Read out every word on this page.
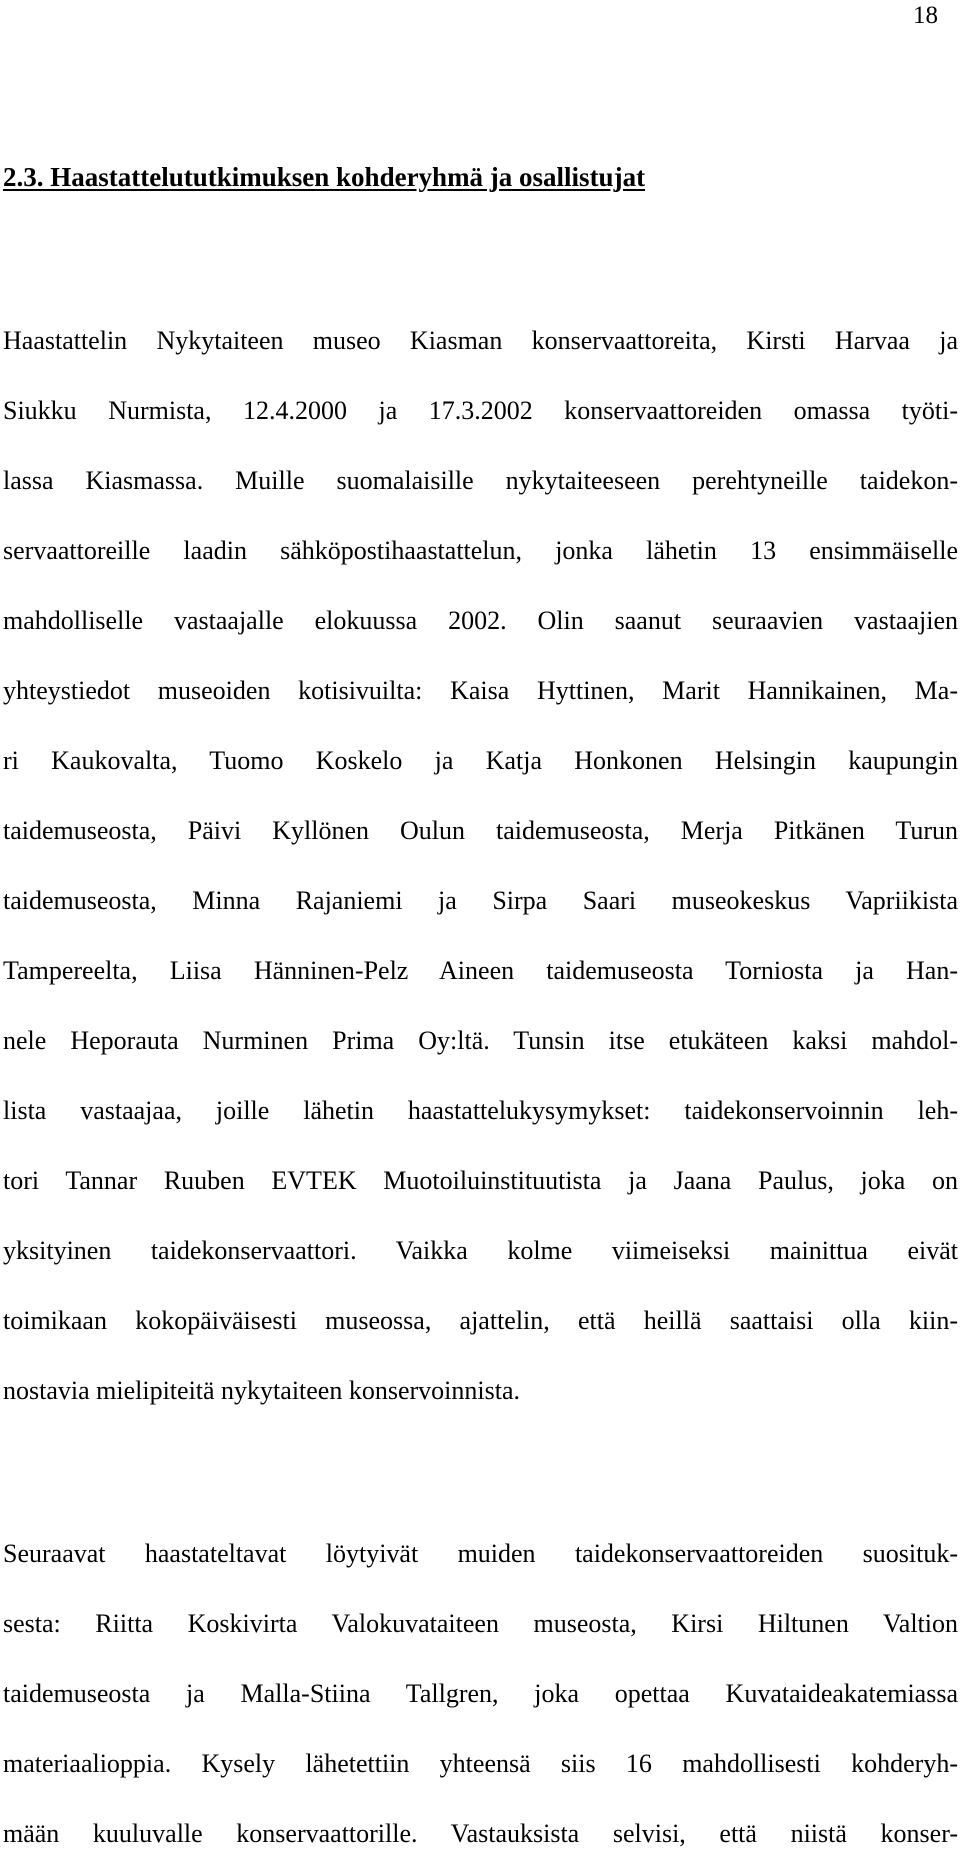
18
2.3. Haastattelututkimuksen kohderyhmä ja osallistujat
Haastattelin Nykytaiteen museo Kiasman konservaattoreita, Kirsti Harvaa ja
Siukku Nurmista, 12.4.2000 ja 17.3.2002 konservaattoreiden omassa työti-
lassa Kiasmassa. Muille suomalaisille nykytaiteeseen perehtyneille taidekon-
servaattoreille laadin sähköpostihaastattelun, jonka lähetin 13 ensimmäiselle
mahdolliselle vastaajalle elokuussa 2002. Olin saanut seuraavien vastaajien
yhteystiedot museoiden kotisivuilta: Kaisa Hyttinen, Marit Hannikainen, Ma-
ri Kaukovalta, Tuomo Koskelo ja Katja Honkonen Helsingin kaupungin
taidemuseosta, Päivi Kyllönen Oulun taidemuseosta, Merja Pitkänen Turun
taidemuseosta, Minna Rajaniemi ja Sirpa Saari museokeskus Vapriikista
Tampereelta, Liisa Hänninen-Pelz Aineen taidemuseosta Torniosta ja Han-
nele Heporauta Nurminen Prima Oy:ltä. Tunsin itse etukäteen kaksi mahdol-
lista vastaajaa, joille lähetin haastattelukysymykset: taidekonservoinnin leh-
tori Tannar Ruuben EVTEK Muotoiluinstituutista ja Jaana Paulus, joka on
yksityinen taidekonservaattori. Vaikka kolme viimeiseksi mainittua eivät
toimikaan kokopäiväisesti museossa, ajattelin, että heillä saattaisi olla kiin-
nostavia mielipiteitä nykytaiteen konservoinnista.
Seuraavat haastateltavat löytyivät muiden taidekonservaattoreiden suosituk-
sesta: Riitta Koskivirta Valokuvataiteen museosta, Kirsi Hiltunen Valtion
taidemuseosta ja Malla-Stiina Tallgren, joka opettaa Kuvataideakatemiassa
materiaalioppia. Kysely lähetettiin yhteensä siis 16 mahdollisesti kohderyh-
mään kuuluvalle konservaattorille. Vastauksista selvisi, että niistä konser-
